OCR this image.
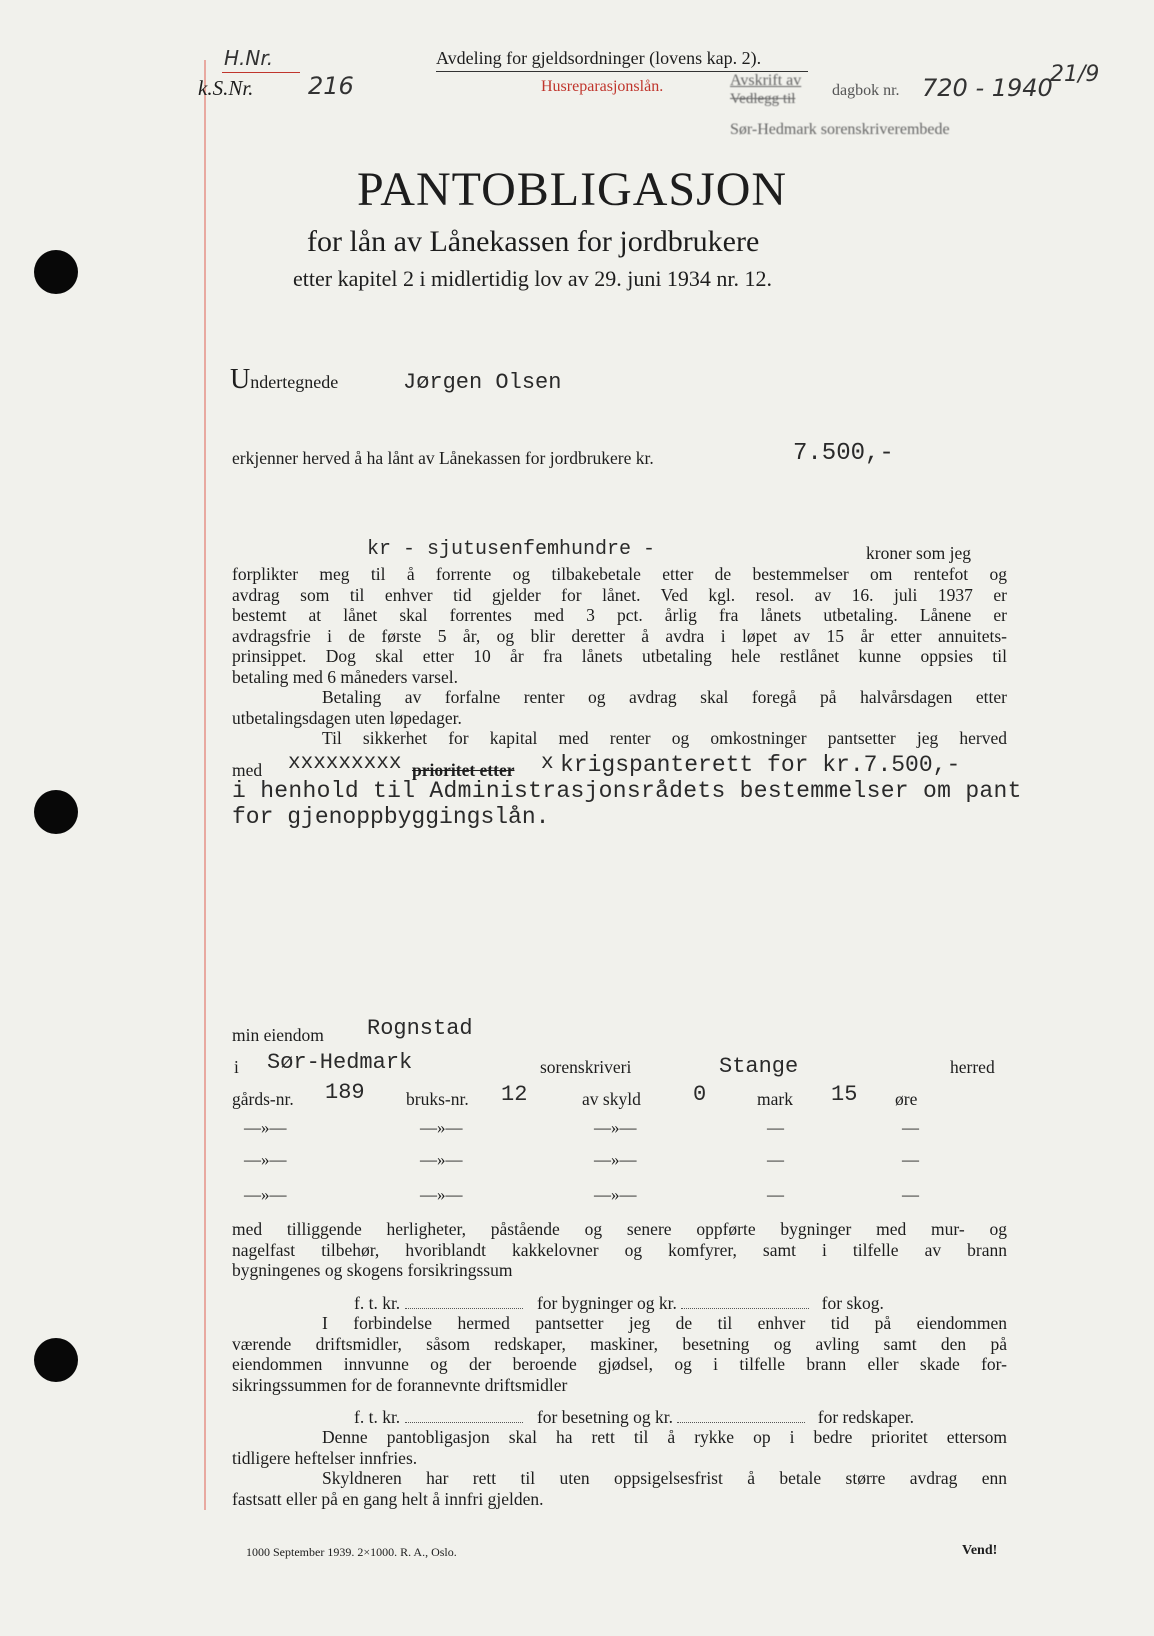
H.Nr.
k.S.Nr. 216
Avdeling for gjeldsordninger (lovens kap. 2).
Husreparasjonslån.	Avskrift av
Vedlegg til dagbok nr. 720 - 1940
21/9
Sør-Hedmark sorenskriverembede
PANTOBLIGASJON
for lån av Lånekassen for jordbrukere
etter kapitel 2 i midlertidig lov av 29. juni 1934 nr. 12.
Undertegnede	Jørgen Olsen
erkjenner herved å ha lånt av Lånekassen for jordbrukere kr.	7.500,-
kr - sjutusenfemhundre -	kroner som jeg
forplikter meg til å forrente og tilbakebetale etter de bestemmelser om rentefot og
avdrag som til enhver tid gjelder for lånet. Ved kgl. resol. av 16. juli 1937 er
bestemt at lånet skal forrentes med 3 pct. årlig fra lånets utbetaling. Lånene er
avdragsfrie i de første 5 år, og blir deretter å avdra i løpet av 15 år etter annuitets-
prinsippet. Dog skal etter 10 år fra lånets utbetaling hele restlånet kunne oppsies til
betaling med 6 måneders varsel.
Betaling av forfalne renter og avdrag skal foregå på halvårsdagen etter
utbetalingsdagen uten løpedager.
Til sikkerhet for kapital med renter og omkostninger pantsetter jeg herved
med xxxxxxxxx prioritet etter x krigspanterett for kr.7.500,-
i henhold til Administrasjonsrådets bestemmelser om pant
for gjenoppbyggingslån.
min eiendom Rognstad
i Sør-Hedmark	sorenskriveri	Stange	herred
gårds-nr. 189 bruks-nr. 12	av skyld 0	mark 15 øre
—»—	—»—	—»—	—	—
—»—	—»—	—»—	—	—
—»—	—»—	—»—	—	—
med tilliggende herligheter, påstående og senere oppførte bygninger med mur- og
nagelfast tilbehør, hvoriblandt kakkelovner og komfyrer, samt i tilfelle av brann
bygningenes og skogens forsikringssum
f. t. kr.	for bygninger og kr.	for skog.
I forbindelse hermed pantsetter jeg de til enhver tid på eiendommen
værende driftsmidler, såsom redskaper, maskiner, besetning og avling samt den på
eiendommen innvunne og der beroende gjødsel, og i tilfelle brann eller skade for-
sikringssummen for de forannevnte driftsmidler
f. t. kr.	for besetning og kr.	for redskaper.
Denne pantobligasjon skal ha rett til å rykke op i bedre prioritet ettersom
tidligere heftelser innfries.
Skyldneren har rett til uten oppsigelsesfrist å betale større avdrag enn
fastsatt eller på en gang helt å innfri gjelden.
1000 September 1939. 2×1000. R. A., Oslo.	Vend!
